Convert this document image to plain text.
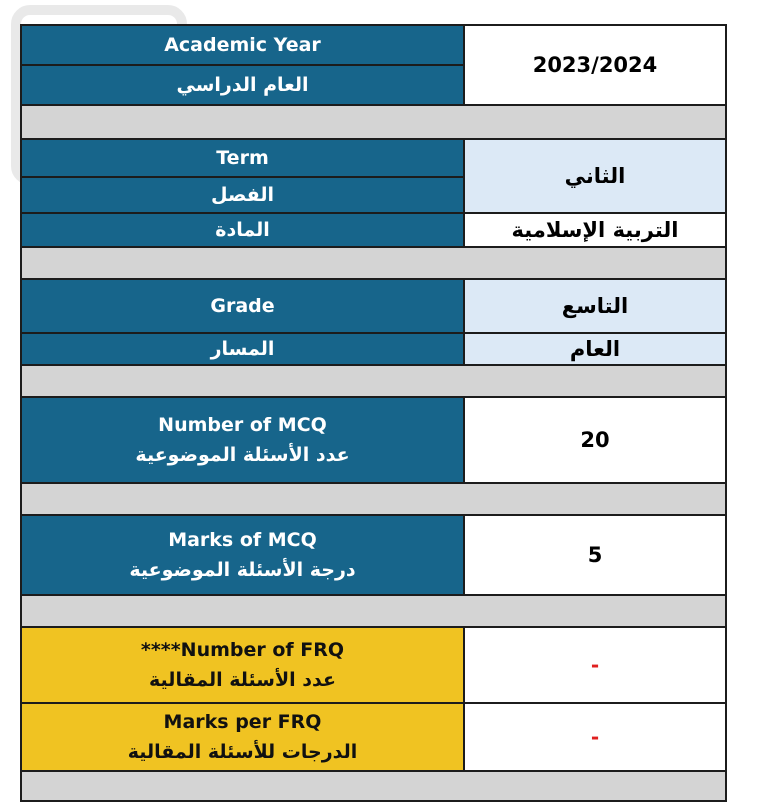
Academic Year	2023/2024
العام الدراسي	

Term	الثاني
الفصل	
المادة	التربية الإسلامية

Grade	التاسع
المسار	العام

Number of MCQ
عدد الأسئلة الموضوعية	20

Marks of MCQ
درجة الأسئلة الموضوعية	5

****Number of FRQ
عدد الأسئلة المقالية	-

Marks per FRQ
الدرجات للأسئلة المقالية	-
